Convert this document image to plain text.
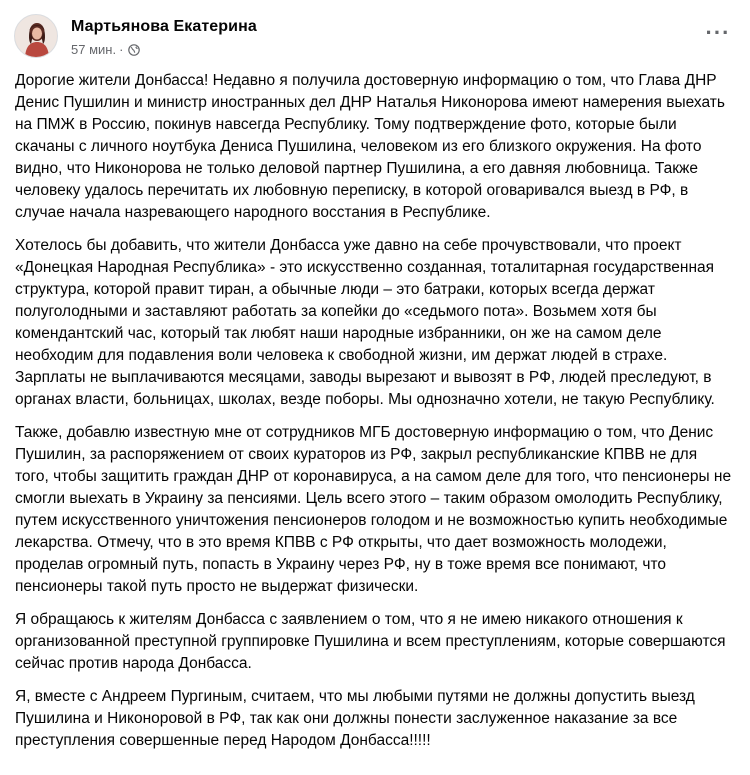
Мартьянова Екатерина
57 мин. ·
···

Дорогие жители Донбасса! Недавно я получила достоверную информацию о том, что Глава ДНР Денис Пушилин и министр иностранных дел ДНР Наталья Никонорова имеют намерения выехать на ПМЖ в Россию, покинув навсегда Республику. Тому подтверждение фото, которые были скачаны с личного ноутбука Дениса Пушилина, человеком из его близкого окружения. На фото видно, что Никонорова не только деловой партнер Пушилина, а его давняя любовница. Также человеку удалось перечитать их любовную переписку, в которой оговаривался выезд в РФ, в случае начала назревающего народного восстания в Республике.

Хотелось бы добавить, что жители Донбасса уже давно на себе прочувствовали, что проект «Донецкая Народная Республика» - это искусственно созданная, тоталитарная государственная структура, которой правит тиран, а обычные люди – это батраки, которых всегда держат полуголодными и заставляют работать за копейки до «седьмого пота». Возьмем хотя бы комендантский час, который так любят наши народные избранники, он же на самом деле необходим для подавления воли человека к свободной жизни, им держат людей в страхе. Зарплаты не выплачиваются месяцами, заводы вырезают и вывозят в РФ, людей преследуют, в органах власти, больницах, школах, везде поборы. Мы однозначно хотели, не такую Республику.

Также, добавлю известную мне от сотрудников МГБ достоверную информацию о том, что Денис Пушилин, за распоряжением от своих кураторов из РФ, закрыл республиканские КПВВ не для того, чтобы защитить граждан ДНР от коронавируса, а на самом деле для того, что пенсионеры не смогли выехать в Украину за пенсиями. Цель всего этого – таким образом омолодить Республику, путем искусственного уничтожения пенсионеров голодом и не возможностью купить необходимые лекарства. Отмечу, что в это время КПВВ с РФ открыты, что дает возможность молодежи, проделав огромный путь, попасть в Украину через РФ, ну в тоже время все понимают, что пенсионеры такой путь просто не выдержат физически.

Я обращаюсь к жителям Донбасса с заявлением о том, что я не имею никакого отношения к организованной преступной группировке Пушилина и всем преступлениям, которые совершаются сейчас против народа Донбасса.

Я, вместе с Андреем Пургиным, считаем, что мы любыми путями не должны допустить выезд Пушилина и Никоноровой в РФ, так как они должны понести заслуженное наказание за все преступления совершенные перед Народом Донбасса!!!!!
